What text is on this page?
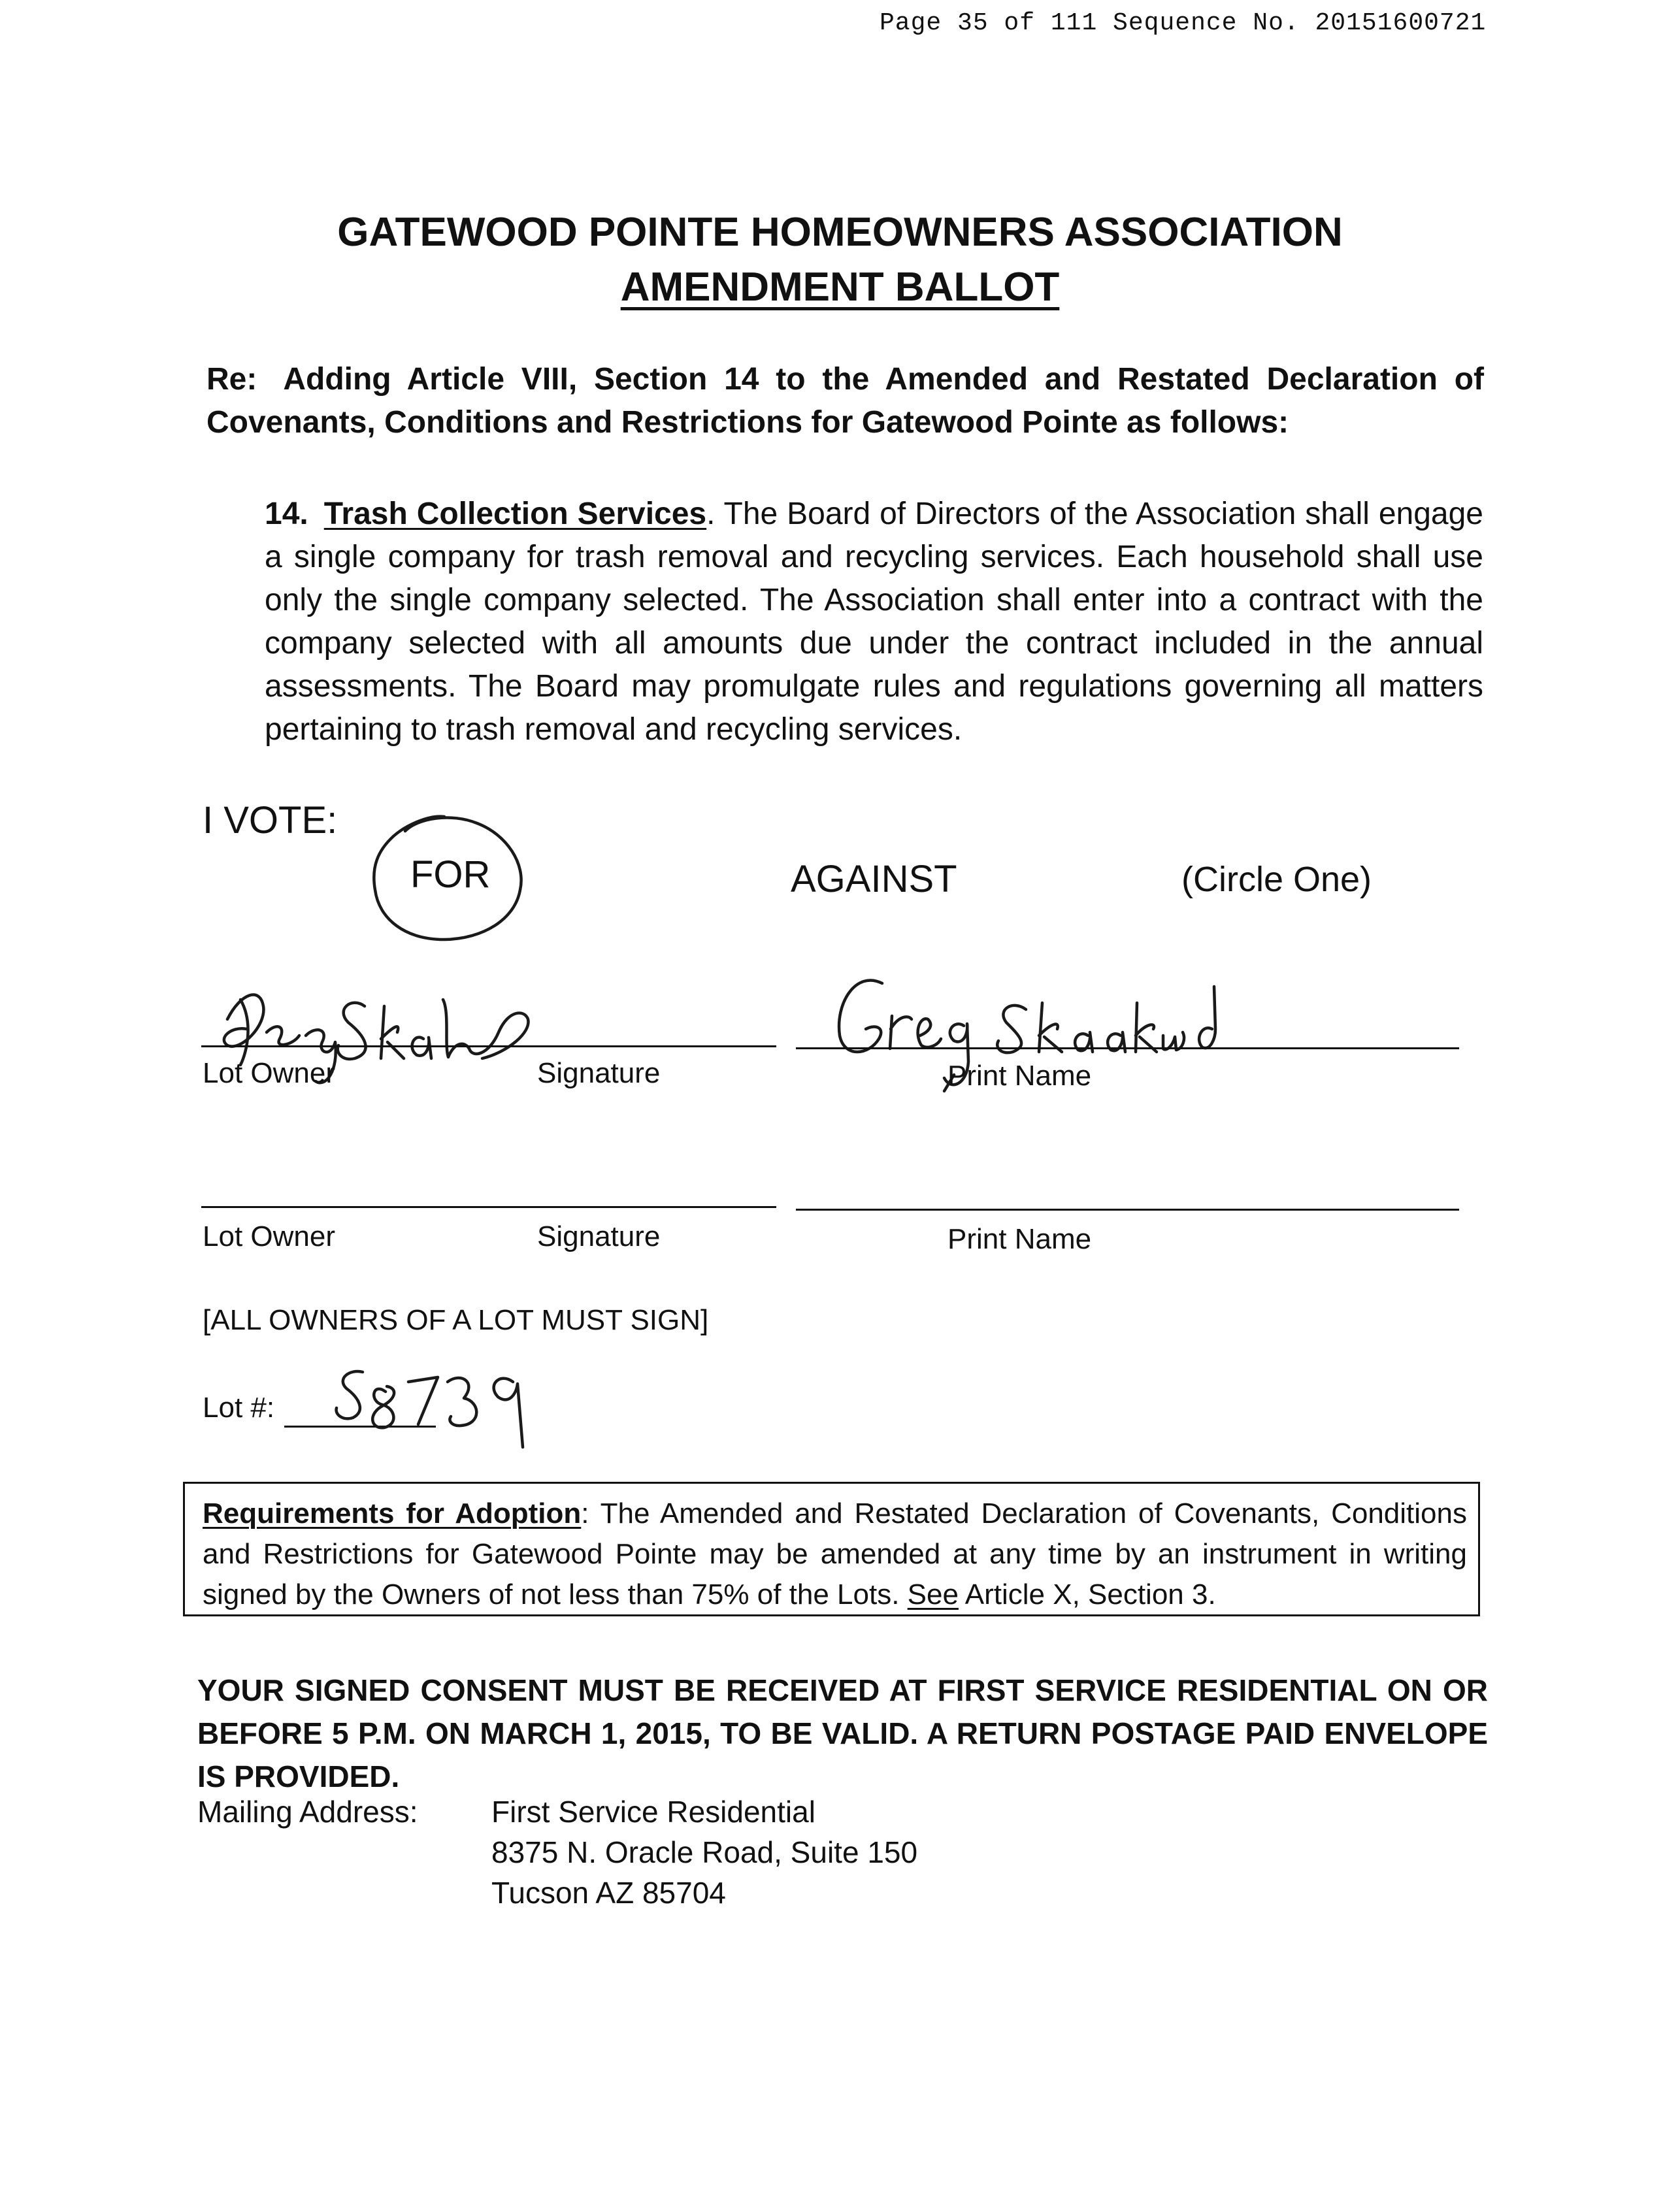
Page 35 of 111 Sequence No. 20151600721
GATEWOOD POINTE HOMEOWNERS ASSOCIATION
AMENDMENT BALLOT
Re: Adding Article VIII, Section 14 to the Amended and Restated Declaration of Covenants, Conditions and Restrictions for Gatewood Pointe as follows:
14. Trash Collection Services. The Board of Directors of the Association shall engage a single company for trash removal and recycling services. Each household shall use only the single company selected. The Association shall enter into a contract with the company selected with all amounts due under the contract included in the annual assessments. The Board may promulgate rules and regulations governing all matters pertaining to trash removal and recycling services.
I VOTE:
FOR	AGAINST	(Circle One)
Lot Owner	Signature	Print Name
Lot Owner	Signature	Print Name
[ALL OWNERS OF A LOT MUST SIGN]
Lot #:
Requirements for Adoption: The Amended and Restated Declaration of Covenants, Conditions and Restrictions for Gatewood Pointe may be amended at any time by an instrument in writing signed by the Owners of not less than 75% of the Lots. See Article X, Section 3.
YOUR SIGNED CONSENT MUST BE RECEIVED AT FIRST SERVICE RESIDENTIAL ON OR BEFORE 5 P.M. ON MARCH 1, 2015, TO BE VALID. A RETURN POSTAGE PAID ENVELOPE IS PROVIDED.
Mailing Address: First Service Residential
8375 N. Oracle Road, Suite 150
Tucson AZ 85704
